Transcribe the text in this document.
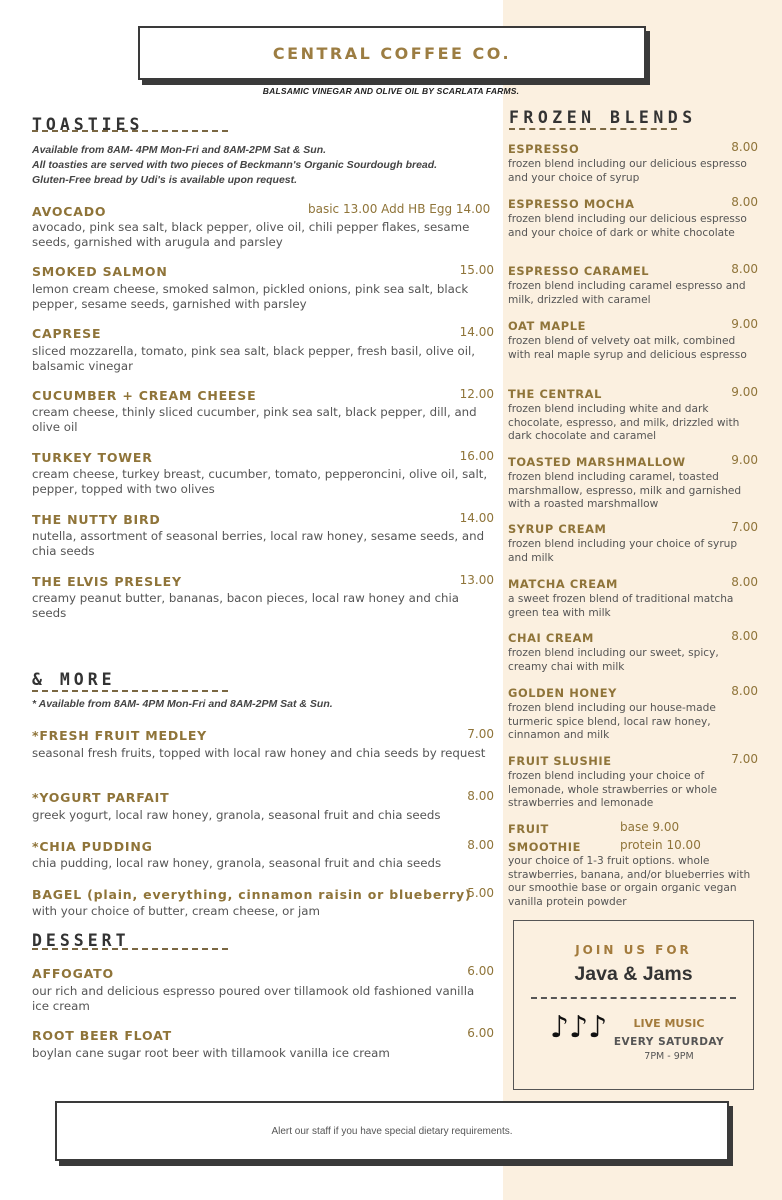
CENTRAL COFFEE CO.
BALSAMIC VINEGAR AND OLIVE OIL BY SCARLATA FARMS.
TOASTIES
Available from 8AM- 4PM Mon-Fri and 8AM-2PM Sat & Sun.
All toasties are served with two pieces of Beckmann's Organic Sourdough bread.
Gluten-Free bread by Udi's is available upon request.
AVOCADO	basic 13.00 Add HB Egg 14.00
avocado, pink sea salt, black pepper, olive oil, chili pepper flakes, sesame seeds, garnished with arugula and parsley
SMOKED SALMON	15.00
lemon cream cheese, smoked salmon, pickled onions, pink sea salt, black pepper, sesame seeds, garnished with parsley
CAPRESE	14.00
sliced mozzarella, tomato, pink sea salt, black pepper, fresh basil, olive oil, balsamic vinegar
CUCUMBER + CREAM CHEESE	12.00
cream cheese, thinly sliced cucumber, pink sea salt, black pepper, dill, and olive oil
TURKEY TOWER	16.00
cream cheese, turkey breast, cucumber, tomato, pepperoncini, olive oil, salt, pepper, topped with two olives
THE NUTTY BIRD	14.00
nutella, assortment of seasonal berries, local raw honey, sesame seeds, and chia seeds
THE ELVIS PRESLEY	13.00
creamy peanut butter, bananas, bacon pieces, local raw honey and chia seeds
& MORE
* Available from 8AM- 4PM Mon-Fri and 8AM-2PM Sat & Sun.
*FRESH FRUIT MEDLEY	7.00
seasonal fresh fruits, topped with local raw honey and chia seeds by request
*YOGURT PARFAIT	8.00
greek yogurt, local raw honey, granola, seasonal fruit and chia seeds
*CHIA PUDDING	8.00
chia pudding, local raw honey, granola, seasonal fruit and chia seeds
BAGEL (plain, everything, cinnamon raisin or blueberry)
5.00
with your choice of butter, cream cheese, or jam
DESSERT
AFFOGATO	6.00
our rich and delicious espresso poured over tillamook old fashioned vanilla ice cream
ROOT BEER FLOAT	6.00
boylan cane sugar root beer with tillamook vanilla ice cream
FROZEN BLENDS
ESPRESSO	8.00
frozen blend including our delicious espresso and your choice of syrup
ESPRESSO MOCHA	8.00
frozen blend including our delicious espresso and your choice of dark or white chocolate
ESPRESSO CARAMEL	8.00
frozen blend including caramel espresso and milk, drizzled with caramel
OAT MAPLE	9.00
frozen blend of velvety oat milk, combined with real maple syrup and delicious espresso
THE CENTRAL	9.00
frozen blend including white and dark chocolate, espresso, and milk, drizzled with dark chocolate and caramel
TOASTED MARSHMALLOW	9.00
frozen blend including caramel, toasted marshmallow, espresso, milk and garnished with a roasted marshmallow
SYRUP CREAM	7.00
frozen blend including your choice of syrup and milk
MATCHA CREAM	8.00
a sweet frozen blend of traditional matcha green tea with milk
CHAI CREAM	8.00
frozen blend including our sweet, spicy, creamy chai with milk
GOLDEN HONEY	8.00
frozen blend including our house-made turmeric spice blend, local raw honey, cinnamon and milk
FRUIT SLUSHIE	7.00
frozen blend including your choice of lemonade, whole strawberries or whole strawberries and lemonade
FRUIT
SMOOTHIE
base 9.00
protein 10.00
your choice of 1-3 fruit options. whole strawberries, banana, and/or blueberries with our smoothie base or orgain organic vegan vanilla protein powder
JOIN US FOR
Java & Jams
♪♪♪	LIVE MUSIC
EVERY SATURDAY
7PM - 9PM
Alert our staff if you have special dietary requirements.
